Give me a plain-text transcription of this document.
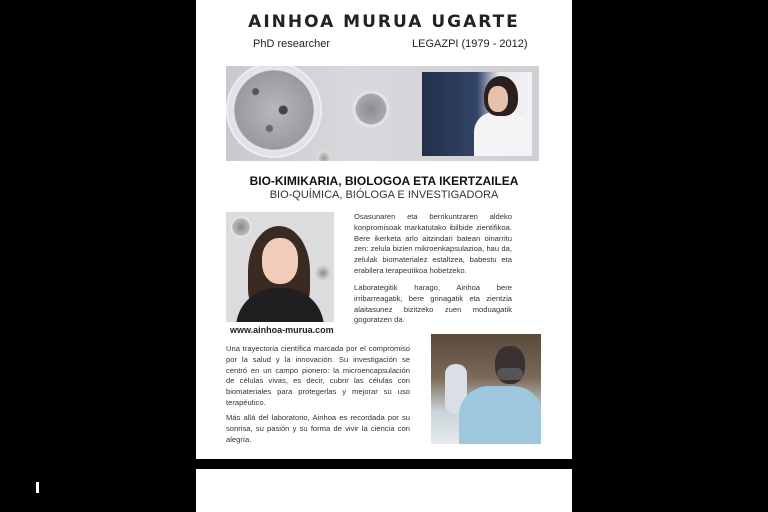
AINHOA MURUA UGARTE
PhD researcher	LEGAZPI (1979 - 2012)
BIO-KIMIKARIA, BIOLOGOA ETA IKERTZAILEA
BIO-QUÍMICA, BIÓLOGA E INVESTIGADORA
www.ainhoa-murua.com

Osasunaren eta berrikuntzaren aldeko konpromisoak markatutako ibilbide zientifikoa. Bere ikerketa arlo aitzindari batean oinarritu zen: zelula bizien mikroenkapsulazioa, hau da, zelulak biomaterialez estaltzea, babestu eta erabilera terapeutikoa hobetzeko.

Laborategitik harago, Ainhoa bere irribarreagatik, bere grinagatik eta zientzia alaitasunez bizitzeko zuen moduagatik gogoratzen da.

Una trayectoria científica marcada por el compromiso por la salud y la innovación. Su investigación se centró en un campo pionero: la microencapsulación de células vivas, es decir, cubrir las células con biomateriales para protegerlas y mejorar su uso terapéutico.

Más allá del laboratorio, Ainhoa es recordada por su sonrisa, su pasión y su forma de vivir la ciencia con alegría.

LEGAZPIKO UDALA
